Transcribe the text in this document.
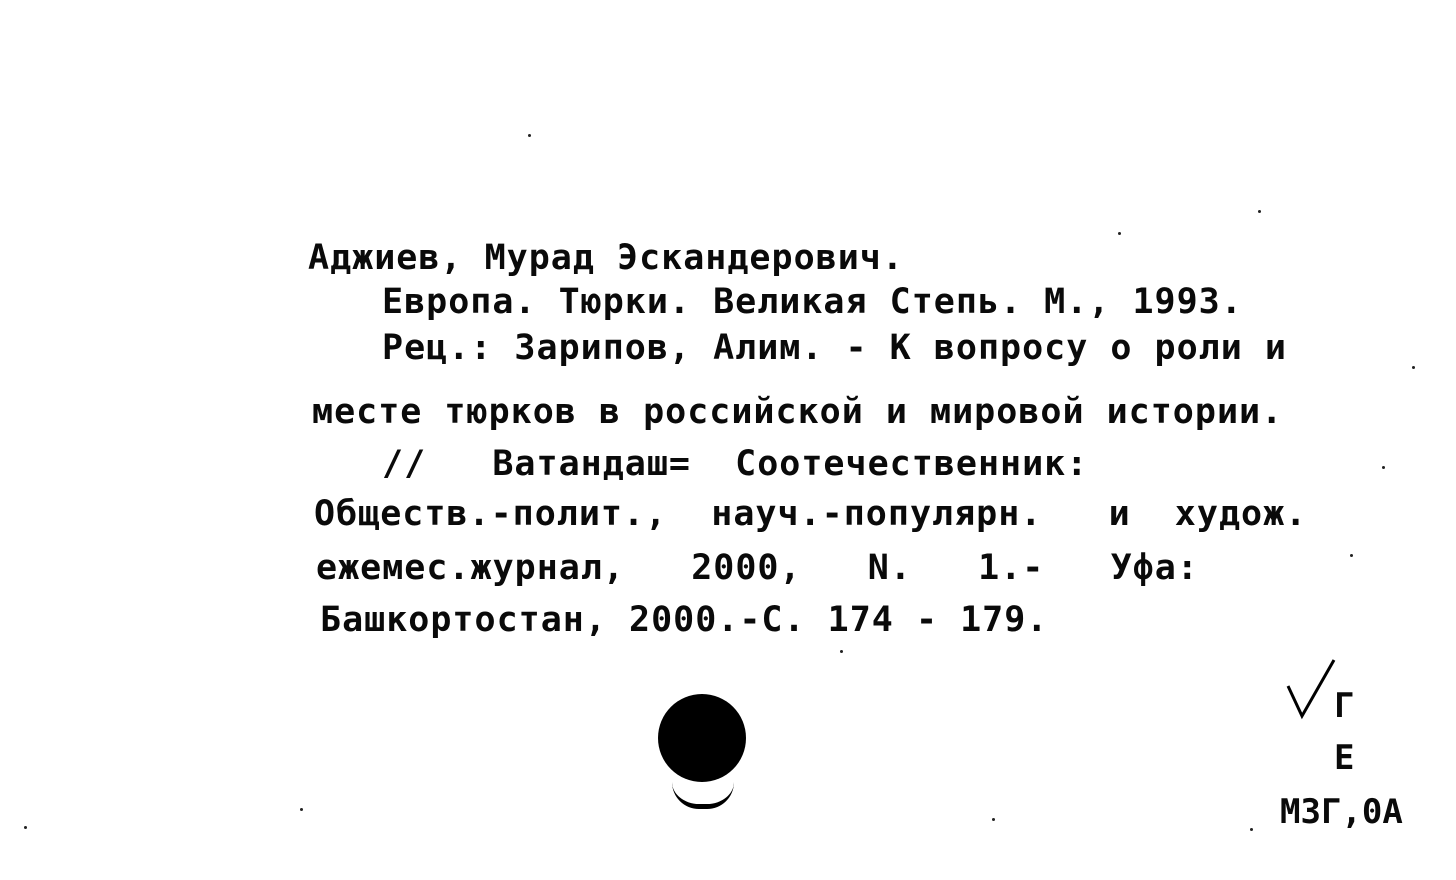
Аджиев, Мурад Эскандерович.
Европа. Тюрки. Великая Степь. М., 1993.
Рец.: Зарипов, Алим. - К вопросу о роли и
месте тюрков в российской и мировой истории.
//   Ватандаш=  Соотечественник:
Обществ.-полит.,  науч.-популярн.   и  худож.
ежемес.журнал,   2000,   N.   1.-   Уфа:
Башкортостан, 2000.-С. 174 - 179.
Г
Е
М3Г,0А
